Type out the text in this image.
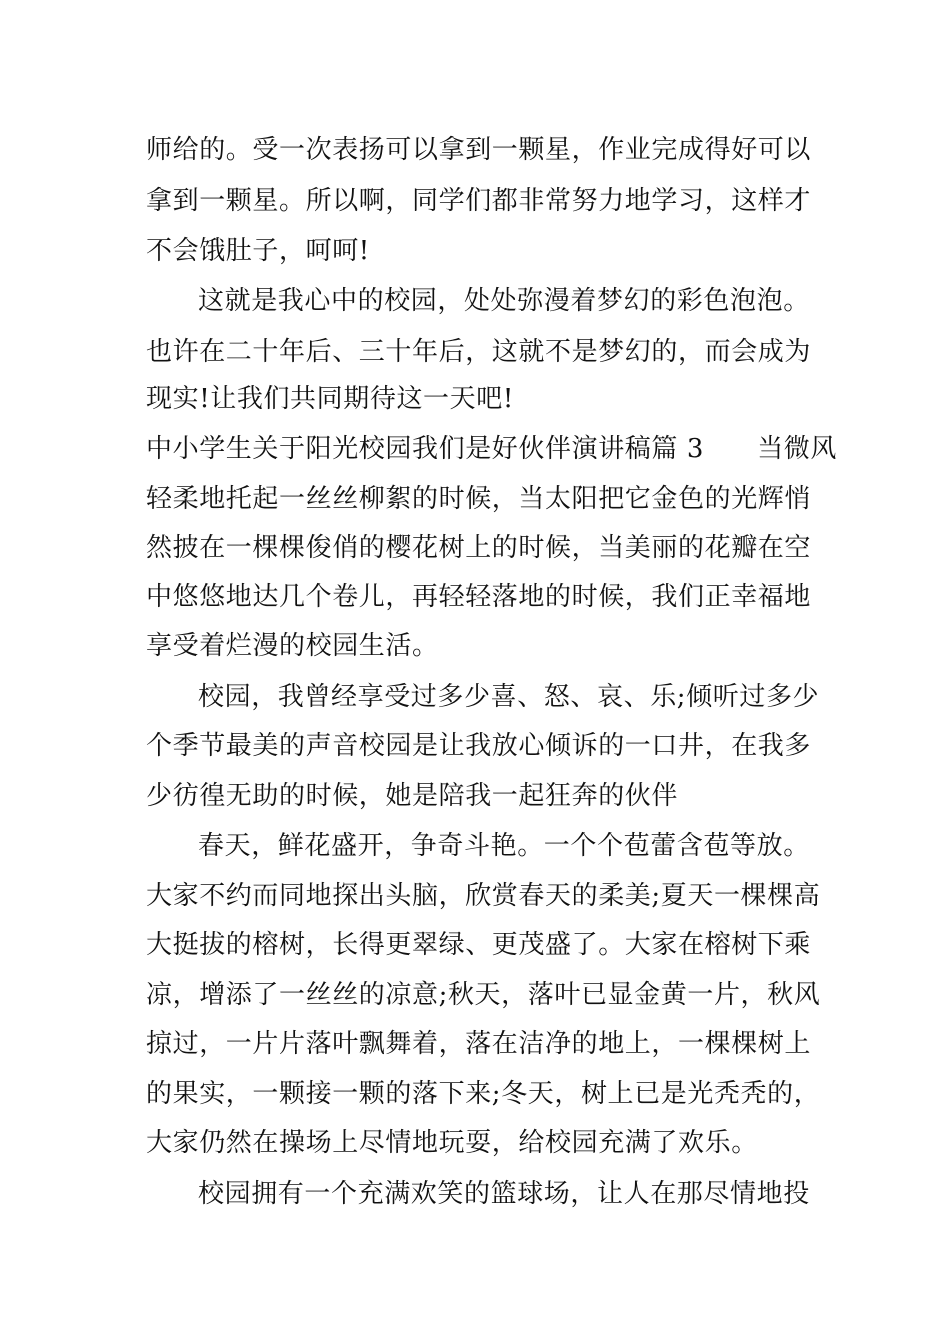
师给的。受一次表扬可以拿到一颗星，作业完成得好可以
拿到一颗星。所以啊，同学们都非常努力地学习，这样才
不会饿肚子，呵呵!
这就是我心中的校园，处处弥漫着梦幻的彩色泡泡。
也许在二十年后、三十年后，这就不是梦幻的，而会成为
现实!让我们共同期待这一天吧!
中小学生关于阳光校园我们是好伙伴演讲稿篇 3　　当微风
轻柔地托起一丝丝柳絮的时候，当太阳把它金色的光辉悄
然披在一棵棵俊俏的樱花树上的时候，当美丽的花瓣在空
中悠悠地达几个卷儿，再轻轻落地的时候，我们正幸福地
享受着烂漫的校园生活。
校园，我曾经享受过多少喜、怒、哀、乐;倾听过多少
个季节最美的声音校园是让我放心倾诉的一口井，在我多
少彷徨无助的时候，她是陪我一起狂奔的伙伴
春天，鲜花盛开，争奇斗艳。一个个苞蕾含苞等放。
大家不约而同地探出头脑，欣赏春天的柔美;夏天一棵棵高
大挺拔的榕树，长得更翠绿、更茂盛了。大家在榕树下乘
凉，增添了一丝丝的凉意;秋天，落叶已显金黄一片，秋风
掠过，一片片落叶飘舞着，落在洁净的地上，一棵棵树上
的果实，一颗接一颗的落下来;冬天，树上已是光秃秃的，
大家仍然在操场上尽情地玩耍，给校园充满了欢乐。
校园拥有一个充满欢笑的篮球场，让人在那尽情地投
